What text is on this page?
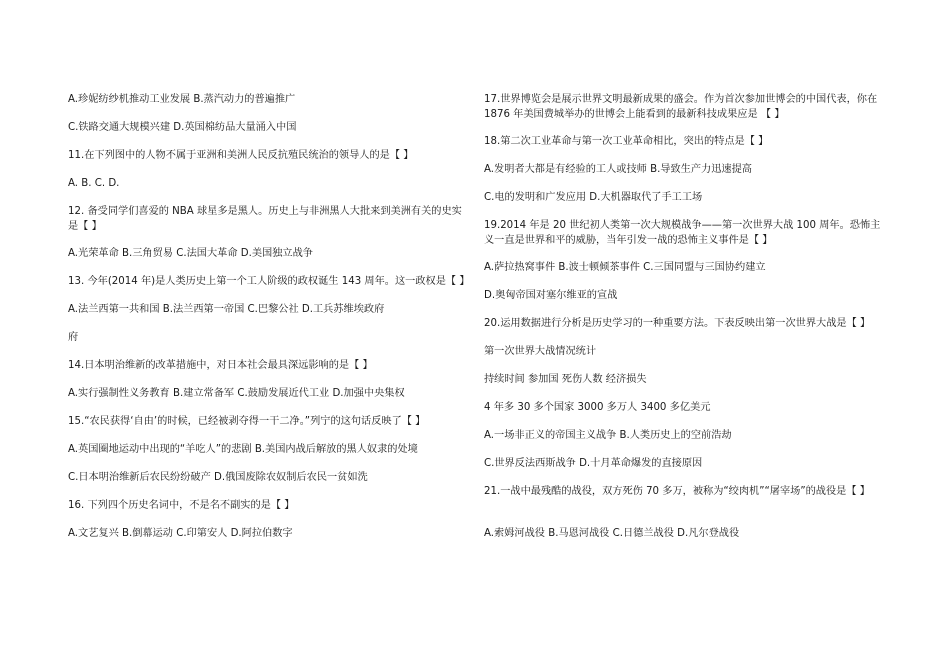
A.珍妮纺纱机推动工业发展 B.蒸汽动力的普遍推广
C.铁路交通大规模兴建 D.英国棉纺品大量涌入中国
11.在下列图中的人物不属于亚洲和美洲人民反抗殖民统治的领导人的是【 】
A. B. C. D.
12. 备受同学们喜爱的 NBA 球星多是黑人。历史上与非洲黑人大批来到美洲有关的史实是【 】
A.光荣革命 B.三角贸易 C.法国大革命 D.美国独立战争
13. 今年(2014 年)是人类历史上第一个工人阶级的政权诞生 143 周年。这一政权是【 】
A.法兰西第一共和国 B.法兰西第一帝国 C.巴黎公社 D.工兵苏维埃政府
府
14.日本明治维新的改革措施中，对日本社会最具深远影响的是【 】
A.实行强制性义务教育 B.建立常备军 C.鼓励发展近代工业 D.加强中央集权
15.“农民获得‘自由’的时候，已经被剥夺得一干二净。”列宁的这句话反映了【 】
A.英国圈地运动中出现的“羊吃人”的悲剧 B.美国内战后解放的黑人奴隶的处境
C.日本明治维新后农民纷纷破产 D.俄国废除农奴制后农民一贫如洗
16. 下列四个历史名词中，不是名不副实的是【 】
A.文艺复兴 B.倒幕运动 C.印第安人 D.阿拉伯数字
17.世界博览会是展示世界文明最新成果的盛会。作为首次参加世博会的中国代表，你在 1876 年美国费城举办的世博会上能看到的最新科技成果应是 【 】
18.第二次工业革命与第一次工业革命相比，突出的特点是【 】
A.发明者大都是有经验的工人或技师 B.导致生产力迅速提高
C.电的发明和广发应用 D.大机器取代了手工工场
19.2014 年是 20 世纪初人类第一次大规模战争——第一次世界大战 100 周年。恐怖主义一直是世界和平的威胁，当年引发一战的恐怖主义事件是【 】
A.萨拉热窝事件 B.波士顿倾茶事件 C.三国同盟与三国协约建立
D.奥匈帝国对塞尔维亚的宣战
20.运用数据进行分析是历史学习的一种重要方法。下表反映出第一次世界大战是【 】
第一次世界大战情况统计
持续时间 参加国 死伤人数 经济损失
4 年多 30 多个国家 3000 多万人 3400 多亿美元
A.一场非正义的帝国主义战争 B.人类历史上的空前浩劫
C.世界反法西斯战争 D.十月革命爆发的直接原因
21.一战中最残酷的战役，双方死伤 70 多万，被称为“绞肉机”“屠宰场”的战役是【 】
A.索姆河战役 B.马恩河战役 C.日德兰战役 D.凡尔登战役
